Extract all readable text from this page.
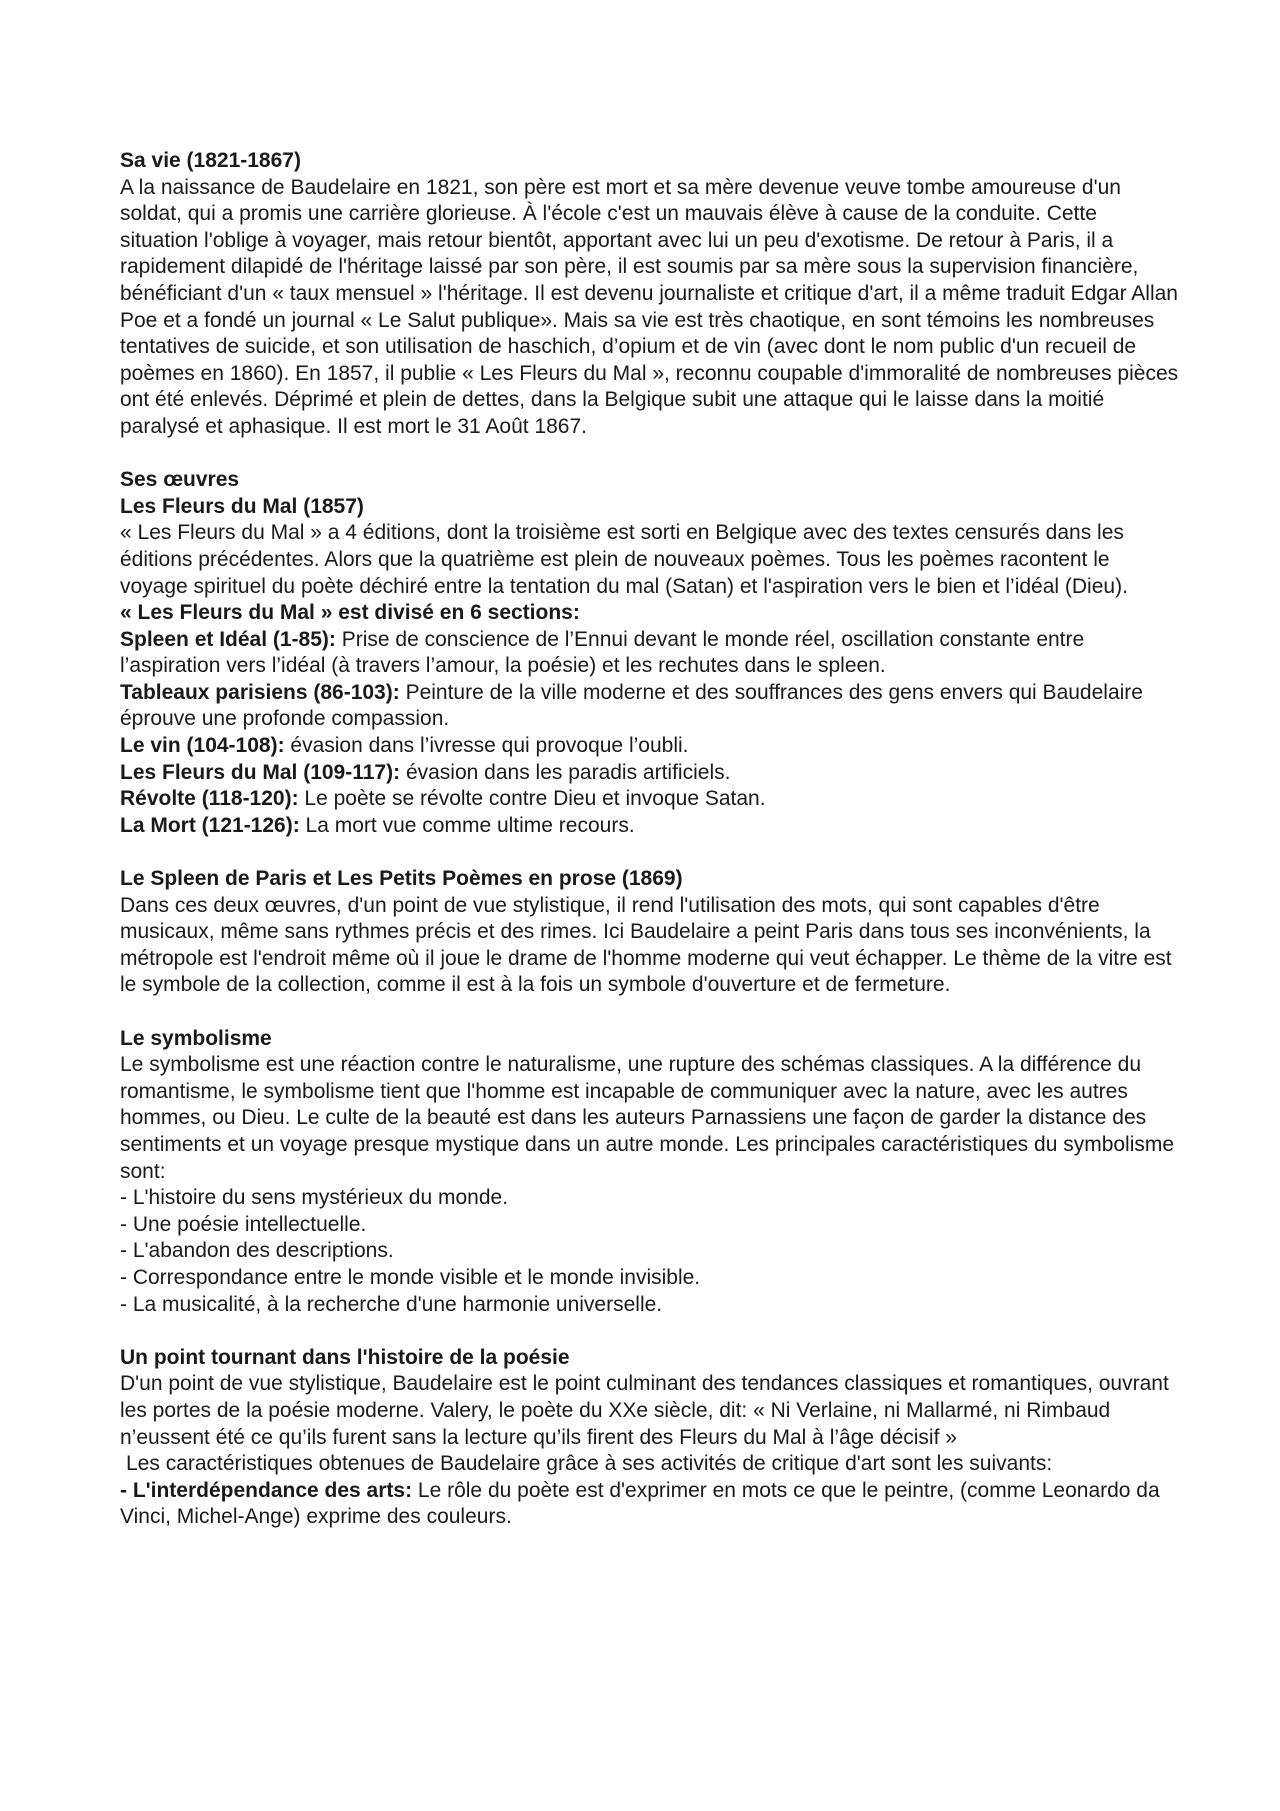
Sa vie (1821-1867)

A la naissance de Baudelaire en 1821, son père est mort et sa mère devenue veuve tombe amoureuse d'un soldat, qui a promis une carrière glorieuse. À l'école c'est un mauvais élève à cause de la conduite. Cette situation l'oblige à voyager, mais retour bientôt, apportant avec lui un peu d'exotisme. De retour à Paris, il a rapidement dilapidé de l'héritage laissé par son père, il est soumis par sa mère sous la supervision financière, bénéficiant d'un « taux mensuel » l'héritage. Il est devenu journaliste et critique d'art, il a même traduit Edgar Allan Poe et a fondé un journal « Le Salut publique». Mais sa vie est très chaotique, en sont témoins les nombreuses tentatives de suicide, et son utilisation de haschich, d’opium et de vin (avec dont le nom public d'un recueil de poèmes en 1860). En 1857, il publie « Les Fleurs du Mal », reconnu coupable d'immoralité de nombreuses pièces ont été enlevés. Déprimé et plein de dettes, dans la Belgique subit une attaque qui le laisse dans la moitié paralysé et aphasique. Il est mort le 31 Août 1867.

Ses œuvres

Les Fleurs du Mal (1857)

« Les Fleurs du Mal » a 4 éditions, dont la troisième est sorti en Belgique avec des textes censurés dans les éditions précédentes. Alors que la quatrième est plein de nouveaux poèmes. Tous les poèmes racontent le voyage spirituel du poète déchiré entre la tentation du mal (Satan) et l'aspiration vers le bien et l’idéal (Dieu).

« Les Fleurs du Mal » est divisé en 6 sections:

Spleen et Idéal (1-85): Prise de conscience de l’Ennui devant le monde réel, oscillation constante entre l’aspiration vers l’idéal (à travers l’amour, la poésie) et les rechutes dans le spleen.

Tableaux parisiens (86-103): Peinture de la ville moderne et des souffrances des gens envers qui Baudelaire éprouve une profonde compassion.

Le vin (104-108): évasion dans l’ivresse qui provoque l’oubli.

Les Fleurs du Mal (109-117): évasion dans les paradis artificiels.

Révolte (118-120): Le poète se révolte contre Dieu et invoque Satan.

La Mort (121-126): La mort vue comme ultime recours.

Le Spleen de Paris et Les Petits Poèmes en prose (1869)

Dans ces deux œuvres, d'un point de vue stylistique, il rend l'utilisation des mots, qui sont capables d'être musicaux, même sans rythmes précis et des rimes. Ici Baudelaire a peint Paris dans tous ses inconvénients, la métropole est l'endroit même où il joue le drame de l'homme moderne qui veut échapper. Le thème de la vitre est le symbole de la collection, comme il est à la fois un symbole d'ouverture et de fermeture.

Le symbolisme

Le symbolisme est une réaction contre le naturalisme, une rupture des schémas classiques. A la différence du romantisme, le symbolisme tient que l'homme est incapable de communiquer avec la nature, avec les autres hommes, ou Dieu. Le culte de la beauté est dans les auteurs Parnassiens une façon de garder la distance des sentiments et un voyage presque mystique dans un autre monde. Les principales caractéristiques du symbolisme sont:

- L'histoire du sens mystérieux du monde.

- Une poésie intellectuelle.

- L'abandon des descriptions.

- Correspondance entre le monde visible et le monde invisible.

- La musicalité, à la recherche d'une harmonie universelle.

Un point tournant dans l'histoire de la poésie

D'un point de vue stylistique, Baudelaire est le point culminant des tendances classiques et romantiques, ouvrant les portes de la poésie moderne. Valery, le poète du XXe siècle, dit: « Ni Verlaine, ni Mallarmé, ni Rimbaud n’eussent été ce qu’ils furent sans la lecture qu’ils firent des Fleurs du Mal à l’âge décisif »

Les caractéristiques obtenues de Baudelaire grâce à ses activités de critique d'art sont les suivants:

- L'interdépendance des arts: Le rôle du poète est d'exprimer en mots ce que le peintre, (comme Leonardo da Vinci, Michel-Ange) exprime des couleurs.
